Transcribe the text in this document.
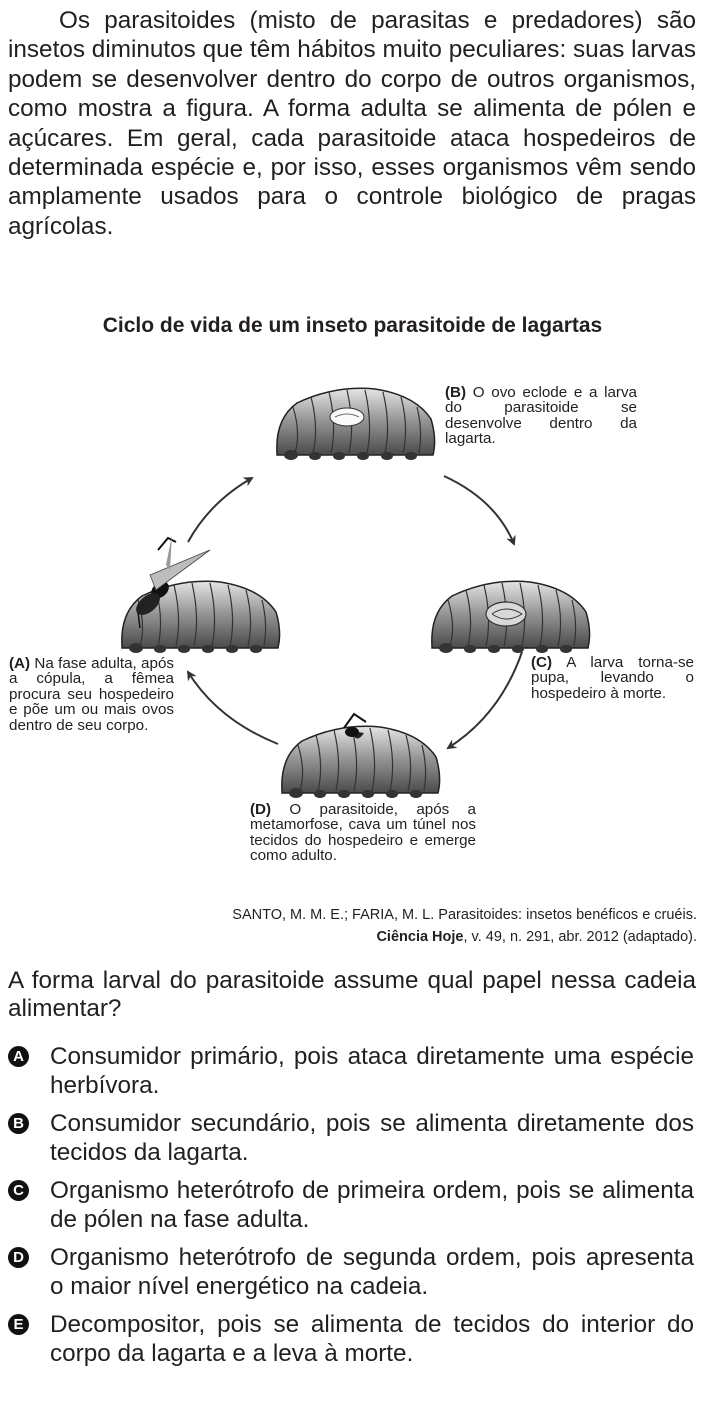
Os parasitoides (misto de parasitas e predadores) são insetos diminutos que têm hábitos muito peculiares: suas larvas podem se desenvolver dentro do corpo de outros organismos, como mostra a figura. A forma adulta se alimenta de pólen e açúcares. Em geral, cada parasitoide ataca hospedeiros de determinada espécie e, por isso, esses organismos vêm sendo amplamente usados para o controle biológico de pragas agrícolas.

Ciclo de vida de um inseto parasitoide de lagartas
(B) O ovo eclode e a larva do parasitoide se desenvolve dentro da lagarta.
(C) A larva torna-se pupa, levando o hospedeiro à morte.
(A) Na fase adulta, após a cópula, a fêmea procura seu hospedeiro e põe um ou mais ovos dentro de seu corpo.
(D) O parasitoide, após a metamorfose, cava um túnel nos tecidos do hospedeiro e emerge como adulto.
SANTO, M. M. E.; FARIA, M. L. Parasitoides: insetos benéficos e cruéis.
Ciência Hoje, v. 49, n. 291, abr. 2012 (adaptado).

A forma larval do parasitoide assume qual papel nessa cadeia alimentar?

A Consumidor primário, pois ataca diretamente uma espécie herbívora.
B Consumidor secundário, pois se alimenta diretamente dos tecidos da lagarta.
C Organismo heterótrofo de primeira ordem, pois se alimenta de pólen na fase adulta.
D Organismo heterótrofo de segunda ordem, pois apresenta o maior nível energético na cadeia.
E Decompositor, pois se alimenta de tecidos do interior do corpo da lagarta e a leva à morte.
